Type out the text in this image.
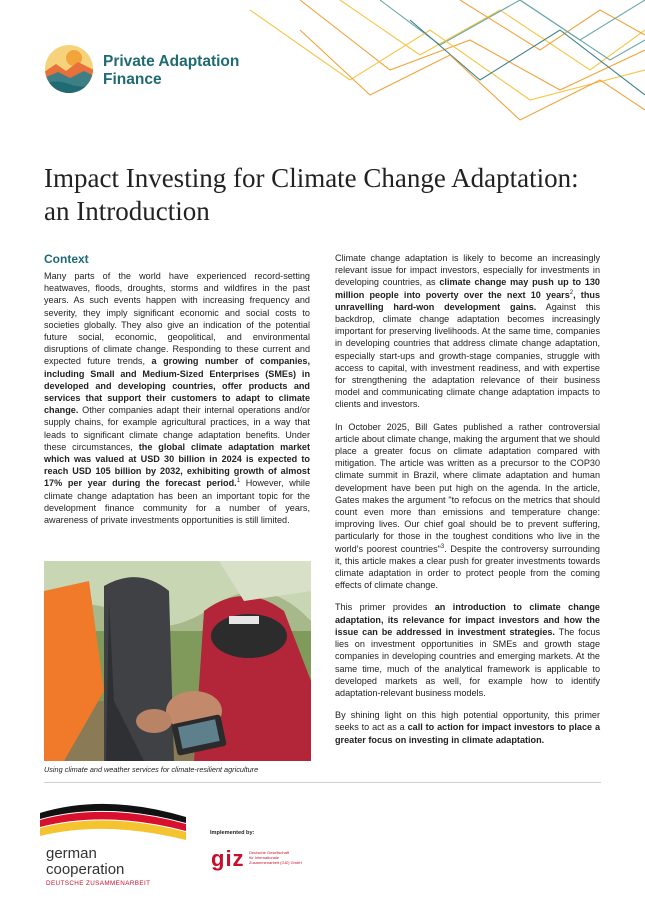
Private Adaptation
Finance
Impact Investing for Climate Change Adaptation:
an Introduction
Context

Many parts of the world have experienced record-setting heatwaves, floods, droughts, storms and wildfires in the past years. As such events happen with increasing frequency and severity, they imply significant economic and social costs to societies globally. They also give an indication of the potential future social, economic, geopolitical, and environmental disruptions of climate change. Responding to these current and expected future trends, a growing number of companies, including Small and Medium-Sized Enterprises (SMEs) in developed and developing countries, offer products and services that support their customers to adapt to climate change. Other companies adapt their internal operations and/or supply chains, for example agricultural practices, in a way that leads to significant climate change adaptation benefits. Under these circumstances, the global climate adaptation market which was valued at USD 30 billion in 2024 is expected to reach USD 105 billion by 2032, exhibiting growth of almost 17% per year during the forecast period.$^1$ However, while climate change adaptation has been an important topic for the development finance community for a number of years, awareness of private investments opportunities is still limited.

Using climate and weather services for climate-resilient agriculture

Climate change adaptation is likely to become an increasingly relevant issue for impact investors, especially for investments in developing countries, as climate change may push up to 130 million people into poverty over the next 10 years$^2$, thus unravelling hard-won development gains. Against this backdrop, climate change adaptation becomes increasingly important for preserving livelihoods. At the same time, companies in developing countries that address climate change adaptation, especially start-ups and growth-stage companies, struggle with access to capital, with investment readiness, and with expertise for strengthening the adaptation relevance of their business model and communicating climate change adaptation impacts to clients and investors.

In October 2025, Bill Gates published a rather controversial article about climate change, making the argument that we should place a greater focus on climate adaptation compared with mitigation. The article was written as a precursor to the COP30 climate summit in Brazil, where climate adaptation and human development have been put high on the agenda. In the article, Gates makes the argument "to refocus on the metrics that should count even more than emissions and temperature change: improving lives. Our chief goal should be to prevent suffering, particularly for those in the toughest conditions who live in the world's poorest countries"$^3$. Despite the controversy surrounding it, this article makes a clear push for greater investments towards climate adaptation in order to protect people from the coming effects of climate change.

This primer provides an introduction to climate change adaptation, its relevance for impact investors and how the issue can be addressed in investment strategies. The focus lies on investment opportunities in SMEs and growth stage companies in developing countries and emerging markets. At the same time, much of the analytical framework is applicable to developed markets as well, for example how to identify adaptation-relevant business models.

By shining light on this high potential opportunity, this primer seeks to act as a call to action for impact investors to place a greater focus on investing in climate adaptation.

german
cooperation
DEUTSCHE ZUSAMMENARBEIT
Implemented by:
giz Deutsche Gesellschaft
für Internationale
Zusammenarbeit (GIZ) GmbH
